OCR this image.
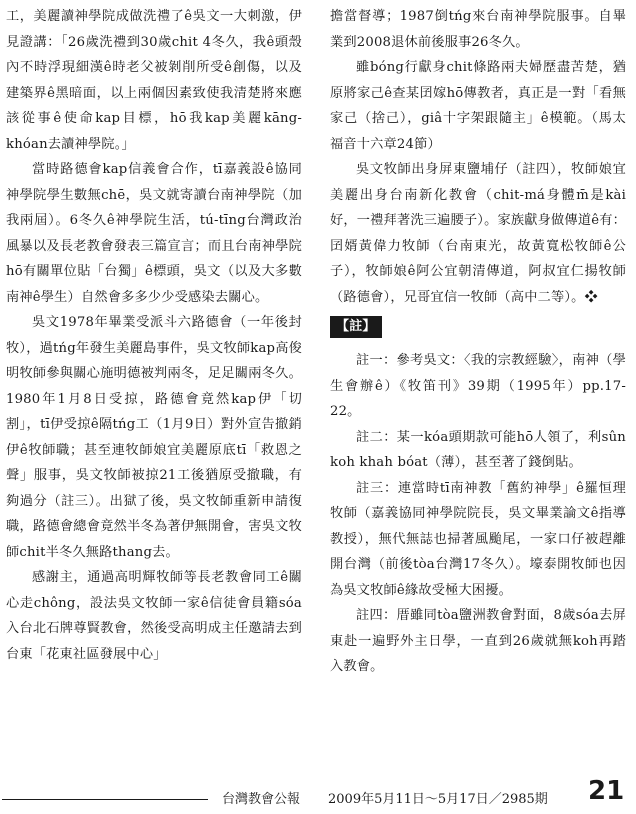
工，美麗讀神學院成做洗禮了ê吳文一大刺激，伊見證講：「26歲洗禮到30歲chit 4冬久，我ê頭殼內不時浮現細漢ê時老父被剝削所受ê創傷，以及建築界ê黑暗面，以上兩個因素致使我清楚將來應該從事ê使命kap目標，hō我kap美麗kāng-khóan去讀神學院。」

當時路德會kap信義會合作，tī嘉義設ê協同神學院學生數無chē，吳文就寄讀台南神學院（加我兩屆）。6冬久ê神學院生活，tú-tīng台灣政治風暴以及長老教會發表三篇宣言；而且台南神學院hō有關單位貼「台獨」ê標頭，吳文（以及大多數南神ê學生）自然會多多少少受感染去關心。

吳文1978年畢業受派斗六路德會（一年後封牧），過tńg年發生美麗島事件，吳文牧師kap高俊明牧師參與關心施明德被判兩冬，足足關兩冬久。1980年1月8日受掠，路德會竟然kap伊「切割」，tī伊受掠ê隔tńg工（1月9日）對外宣告撤銷伊ê牧師職；甚至連牧師娘宜美麗原底tī「救恩之聲」服事，吳文牧師被掠21工後猶原受撤職，有夠過分（註三）。出獄了後，吳文牧師重新申請復職，路德會總會竟然半冬為著伊無開會，害吳文牧師chit半冬久無路thang去。

感謝主，通過高明輝牧師等長老教會同工ê關心走chông，設法吳文牧師一家ê信徒會員籍sóa入台北石牌尊賢教會，然後受高明成主任邀請去到台東「花東社區發展中心」

擔當督導；1987倒tńg來台南神學院服事。自畢業到2008退休前後服事26冬久。

雖bóng行獻身chit條路兩夫婦歷盡苦楚，猶原將家己ê查某囝嫁hō傳教者，真正是一對「看無家己（捨己），giâ十字架跟隨主」ê模範。（馬太福音十六章24節）

吳文牧師出身屏東鹽埔仔（註四），牧師娘宜美麗出身台南新化教會（chit-má身體m̄是kài好，一禮拜著洗三遍腰子）。家族獻身做傳道ê有：囝婿黃偉力牧師（台南東光，故黃寬松牧師ê公子），牧師娘ê阿公宜朝清傳道，阿叔宜仁揚牧師（路德會），兄哥宜信一牧師（高中二等）。❖

【註】

註一：參考吳文：〈我的宗教經驗〉，南神（學生會辦ê）《牧笛刊》39期（1995年）pp.17-22。

註二：某一kóa頭期款可能hō人領了，利sûn koh khah bóat（薄），甚至著了錢倒貼。

註三：連當時tī南神教「舊約神學」ê羅恒理牧師（嘉義協同神學院院長，吳文畢業論文ê指導教授），無代無誌也掃著風颱尾，一家口仔被趕離開台灣（前後tòa台灣17冬久）。壕泰開牧師也因為吳文牧師ê緣故受極大困擾。

註四：厝雖同tòa鹽洲教會對面，8歲sóa去屏東赴一遍野外主日學，一直到26歲就無koh再踏入教會。

台灣教會公報 2009年5月11日～5月17日／2985期 21
